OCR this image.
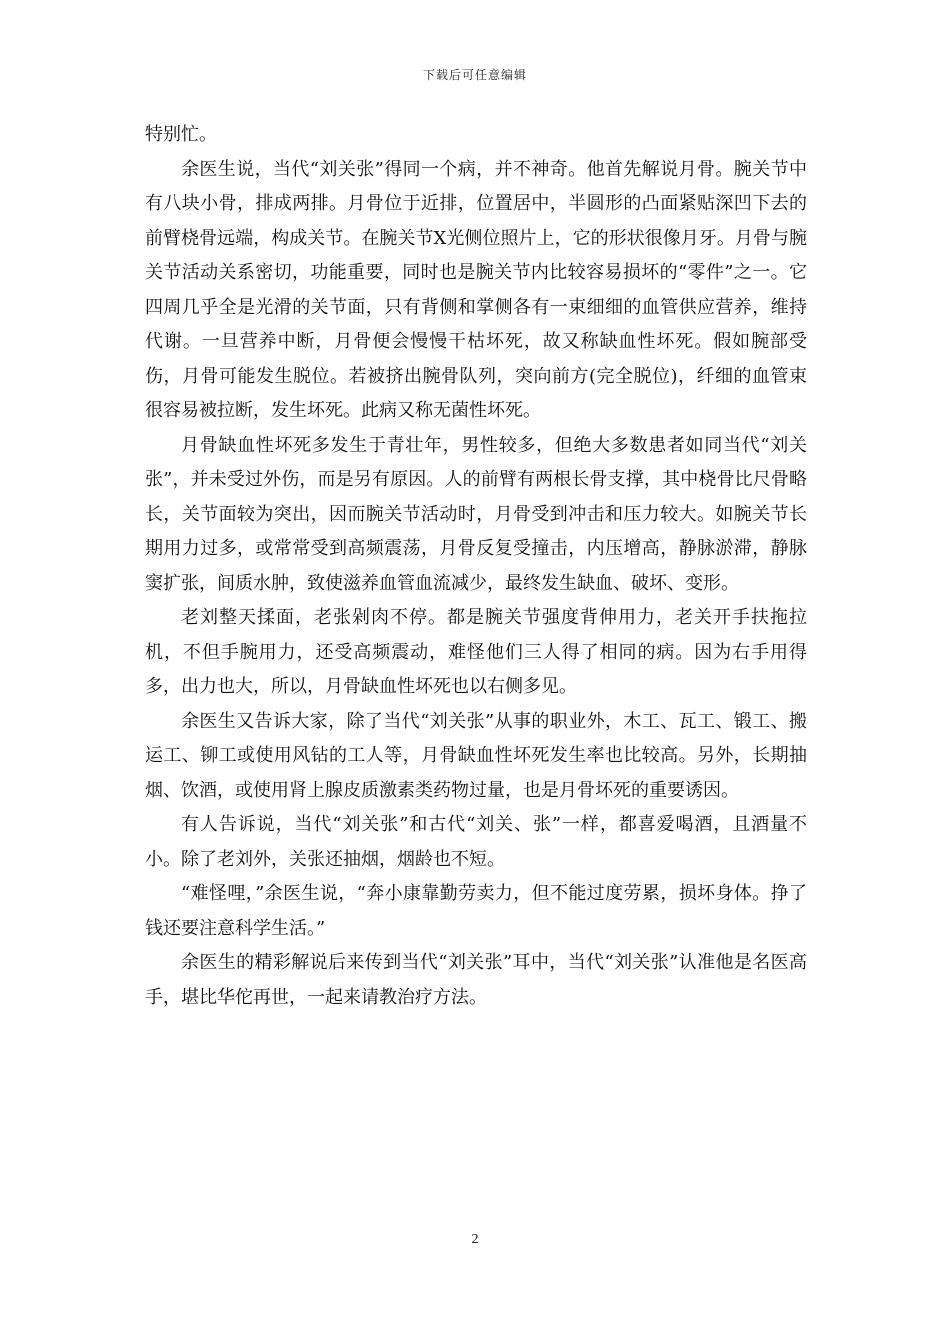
下载后可任意编辑

特别忙。

余医生说，当代“刘关张”得同一个病，并不神奇。他首先解说月骨。腕关节中有八块小骨，排成两排。月骨位于近排，位置居中，半圆形的凸面紧贴深凹下去的前臂桡骨远端，构成关节。在腕关节X光侧位照片上，它的形状很像月牙。月骨与腕关节活动关系密切，功能重要，同时也是腕关节内比较容易损坏的“零件”之一。它四周几乎全是光滑的关节面，只有背侧和掌侧各有一束细细的血管供应营养，维持代谢。一旦营养中断，月骨便会慢慢干枯坏死，故又称缺血性坏死。假如腕部受伤，月骨可能发生脱位。若被挤出腕骨队列，突向前方(完全脱位)，纤细的血管束很容易被拉断，发生坏死。此病又称无菌性坏死。

月骨缺血性坏死多发生于青壮年，男性较多，但绝大多数患者如同当代“刘关张”，并未受过外伤，而是另有原因。人的前臂有两根长骨支撑，其中桡骨比尺骨略长，关节面较为突出，因而腕关节活动时，月骨受到冲击和压力较大。如腕关节长期用力过多，或常常受到高频震荡，月骨反复受撞击，内压增高，静脉淤滞，静脉窦扩张，间质水肿，致使滋养血管血流减少，最终发生缺血、破坏、变形。

老刘整天揉面，老张剁肉不停。都是腕关节强度背伸用力，老关开手扶拖拉机，不但手腕用力，还受高频震动，难怪他们三人得了相同的病。因为右手用得多，出力也大，所以，月骨缺血性坏死也以右侧多见。

余医生又告诉大家，除了当代“刘关张”从事的职业外，木工、瓦工、锻工、搬运工、铆工或使用风钻的工人等，月骨缺血性坏死发生率也比较高。另外，长期抽烟、饮酒，或使用肾上腺皮质激素类药物过量，也是月骨坏死的重要诱因。

有人告诉说，当代“刘关张”和古代“刘关、张”一样，都喜爱喝酒，且酒量不小。除了老刘外，关张还抽烟，烟龄也不短。

“难怪哩，”余医生说，“奔小康靠勤劳卖力，但不能过度劳累，损坏身体。挣了钱还要注意科学生活。”

余医生的精彩解说后来传到当代“刘关张”耳中，当代“刘关张”认准他是名医高手，堪比华佗再世，一起来请教治疗方法。

2
